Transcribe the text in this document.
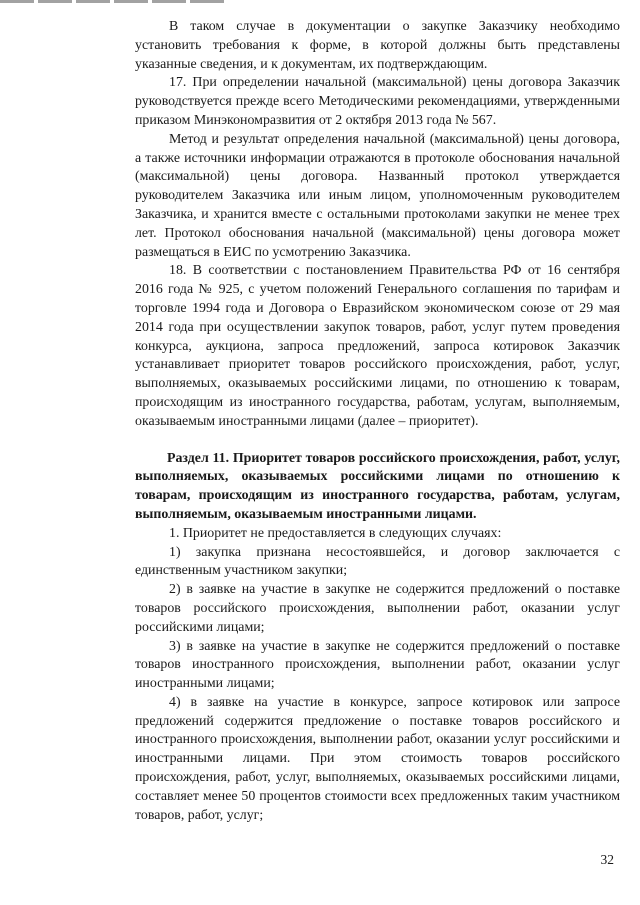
В таком случае в документации о закупке Заказчику необходимо установить требования к форме, в которой должны быть представлены указанные сведения, и к документам, их подтверждающим.

17. При определении начальной (максимальной) цены договора Заказчик руководствуется прежде всего Методическими рекомендациями, утвержденными приказом Минэкономразвития от 2 октября 2013 года № 567.

Метод и результат определения начальной (максимальной) цены договора, а также источники информации отражаются в протоколе обоснования начальной (максимальной) цены договора. Названный протокол утверждается руководителем Заказчика или иным лицом, уполномоченным руководителем Заказчика, и хранится вместе с остальными протоколами закупки не менее трех лет. Протокол обоснования начальной (максимальной) цены договора может размещаться в ЕИС по усмотрению Заказчика.

18. В соответствии с постановлением Правительства РФ от 16 сентября 2016 года № 925, с учетом положений Генерального соглашения по тарифам и торговле 1994 года и Договора о Евразийском экономическом союзе от 29 мая 2014 года при осуществлении закупок товаров, работ, услуг путем проведения конкурса, аукциона, запроса предложений, запроса котировок Заказчик устанавливает приоритет товаров российского происхождения, работ, услуг, выполняемых, оказываемых российскими лицами, по отношению к товарам, происходящим из иностранного государства, работам, услугам, выполняемым, оказываемым иностранными лицами (далее – приоритет).

Раздел 11. Приоритет товаров российского происхождения, работ, услуг, выполняемых, оказываемых российскими лицами по отношению к товарам, происходящим из иностранного государства, работам, услугам, выполняемым, оказываемым иностранными лицами.

1. Приоритет не предоставляется в следующих случаях:

1) закупка признана несостоявшейся, и договор заключается с единственным участником закупки;

2) в заявке на участие в закупке не содержится предложений о поставке товаров российского происхождения, выполнении работ, оказании услуг российскими лицами;

3) в заявке на участие в закупке не содержится предложений о поставке товаров иностранного происхождения, выполнении работ, оказании услуг иностранными лицами;

4) в заявке на участие в конкурсе, запросе котировок или запросе предложений содержится предложение о поставке товаров российского и иностранного происхождения, выполнении работ, оказании услуг российскими и иностранными лицами. При этом стоимость товаров российского происхождения, работ, услуг, выполняемых, оказываемых российскими лицами, составляет менее 50 процентов стоимости всех предложенных таким участником товаров, работ, услуг;

32
